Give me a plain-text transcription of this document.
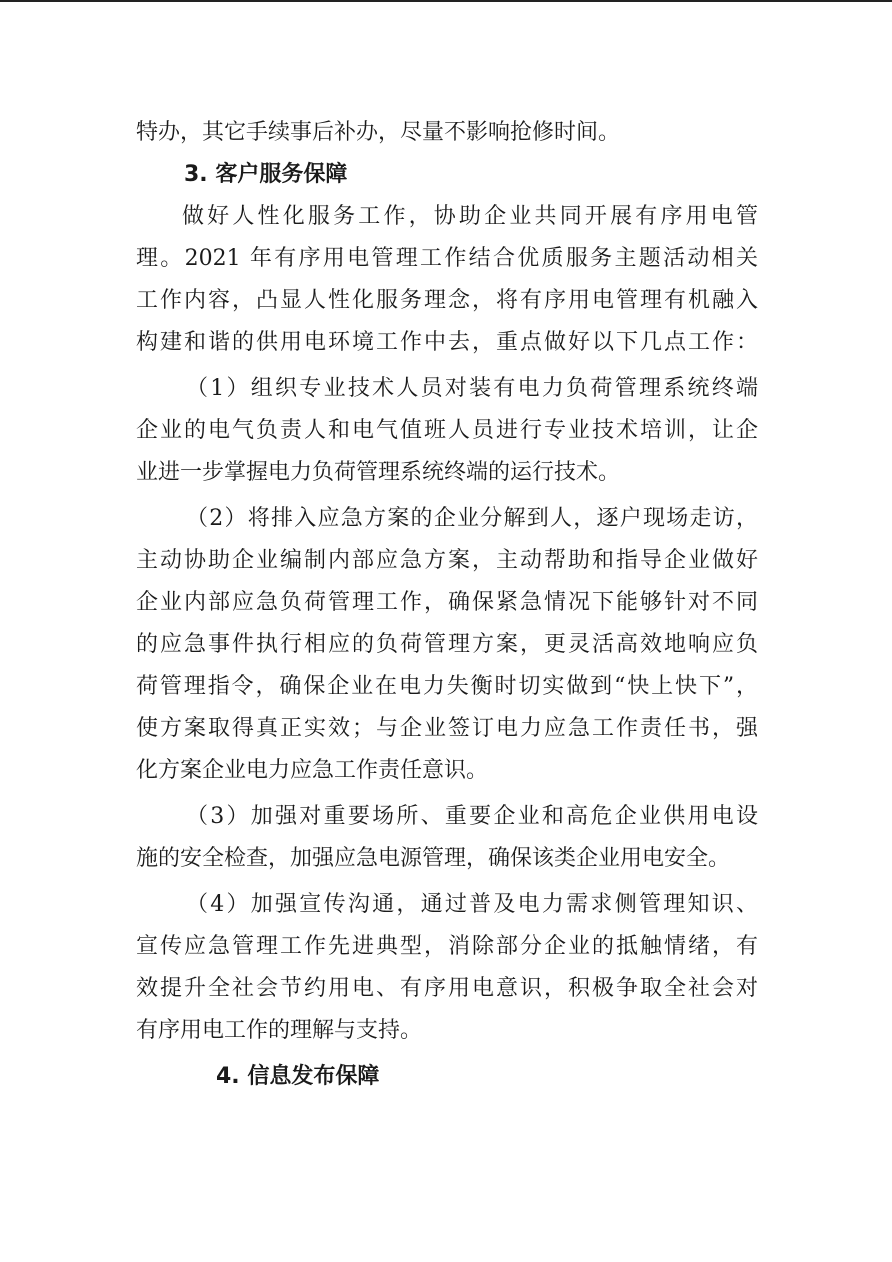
特办，其它手续事后补办，尽量不影响抢修时间。
3. 客户服务保障
做好人性化服务工作，协助企业共同开展有序用电管
理。2021 年有序用电管理工作结合优质服务主题活动相关
工作内容，凸显人性化服务理念，将有序用电管理有机融入
构建和谐的供用电环境工作中去，重点做好以下几点工作：
（1）组织专业技术人员对装有电力负荷管理系统终端
企业的电气负责人和电气值班人员进行专业技术培训，让企
业进一步掌握电力负荷管理系统终端的运行技术。
（2）将排入应急方案的企业分解到人，逐户现场走访，
主动协助企业编制内部应急方案，主动帮助和指导企业做好
企业内部应急负荷管理工作，确保紧急情况下能够针对不同
的应急事件执行相应的负荷管理方案，更灵活高效地响应负
荷管理指令，确保企业在电力失衡时切实做到“快上快下”，
使方案取得真正实效；与企业签订电力应急工作责任书，强
化方案企业电力应急工作责任意识。
（3）加强对重要场所、重要企业和高危企业供用电设
施的安全检查，加强应急电源管理，确保该类企业用电安全。
（4）加强宣传沟通，通过普及电力需求侧管理知识、
宣传应急管理工作先进典型，消除部分企业的抵触情绪，有
效提升全社会节约用电、有序用电意识，积极争取全社会对
有序用电工作的理解与支持。
4. 信息发布保障
